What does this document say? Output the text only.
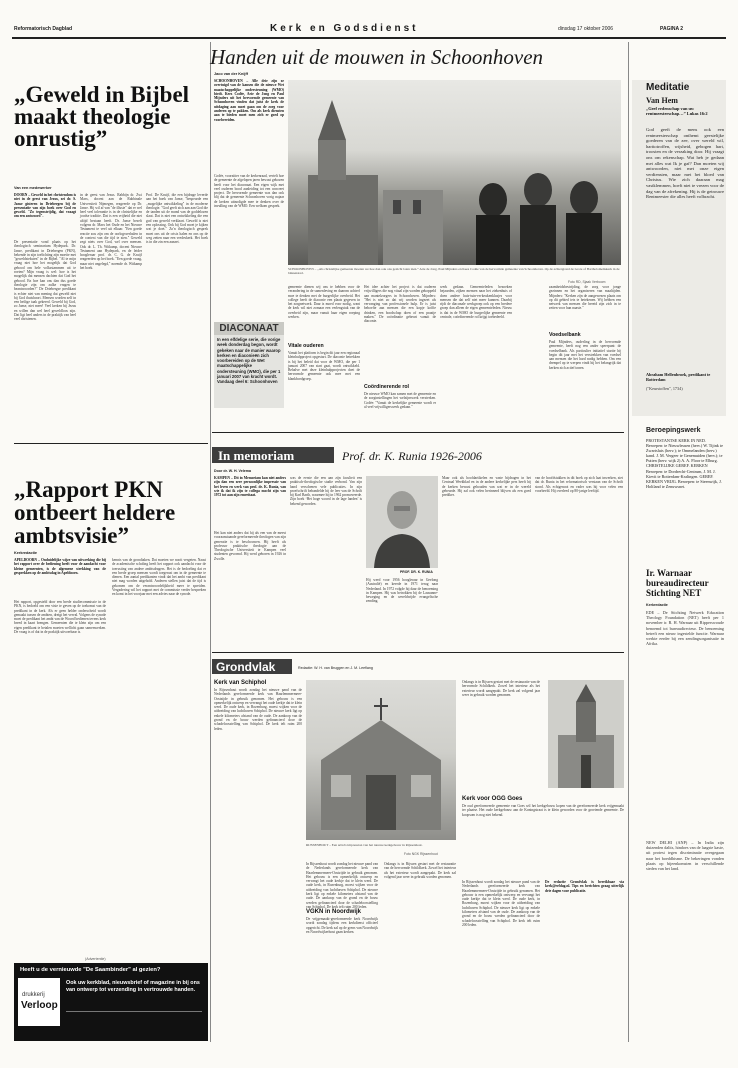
Reformatorisch Dagblad	Kerk en Godsdienst	dinsdag 17 oktober 2006	PAGINA 2
„Geweld in Bijbel maakt theologie onrustig”
Van een medewerker
DOORN – Geweld in het christendom is niet in de geest van Jezus, zei dr. S. Janse gisteren in Driebergen bij de presentatie van zijn boek over God en geweld. "Zo tegenstrijdig, dat vraagt om een antwoord".
De presentatie vond plaats op het theologisch seminarium Hydepark. Dr. Janse, predikant in Driebergen (PKN), bekende in zijn toelichting zijn moeite met "geweldsteksten" in de Bijbel. "Al te mijn vraag niet hoe het mogelijk dat God gebood om hele volksstammen uit te roeien? Mijn vraag is wel: hoe is het mogelijk dat mensen dachten dat God het gebood. En hoe kan ons dan dus goede theologie zijn om zulke vragen te beantwoorden?" De Driebergse predikant is echter niet van mening dat geweld niet bij God thuishoort. Mensen worden zelf in een heilige taak gekeerd. Geweld bij God, zo Janse, niet meer! Veel kerken bij Jezus en willen dan wel heel geweldloos zijn. Dat ligt heel anders in de praktijk van heel veel christenen.
in de geest van Jezus. Rabbijn dr. Zwi Marx, docent aan de Rabbinale Universiteit Nijmegen, reageerde op Dr. Janse. Hij wil af van "de illusie" dat er wel heel veel tolerantie is in de christelijke en joodse traditie. Dat is een vrijheid die niet altijd bestaan heeft. Dr. Janse beseft volgens dr. Marx het Oude en het Nieuwe Testament te veel uit elkaar. "Een goede reactie zou zijn om de oorlogsverhalen in de context van die tijd te zien." Geweld zegt niets over God, wel over mensen. Ook dr. L. Th. Witkamp, docent Nieuwe Testament aan Hydepark, en de leider hoogleraar prof. dr. C. G. de Kruijf reageerden op het boek. "Een goede vraag, maar niet ongelegd," noemde dr. Witkamp het boek.
Prof. De Kruijf, die een bijdrage leverde aan het boek van Janse, "bespeurde een ,,mogelijke ontwikkeling" in de moderne theologie. "God geeft zich aan aan God die de tanden uit de mond van de goddelozen slaat. Dat is niet een ontwikkeling die een god van geweld verklaart. Geweld is niet een oplossing. Ook bij God moet je kijken wat je doet." Zo'n theologisch gesprek moet ons uit de crisis halen en ons op de weg zetten naar een vredeskerk. Het boek is in die zin een aanzet.
„Rapport PKN ontbeert heldere ambtsvisie”
Kerkredactie
APELDOORN – Onduidelijke wijze van uitwerking die bij het rapport over de bediening heeft voor de aandacht voor kleine gemeenten, is de algemene strekking van de gesprekken op de ambtsdag in Apeldoorn.
Het rapport, opgesteld door een brede studiecommissie in de PKN, is bedoeld om een visie te geven op de toekomst van de predikant in de kerk. Als er geen helder onderscheid wordt gemaakt tussen de ambten, dreigt het verval. Volgens de synode moet de predikant het ambt van de Woord bedienen tevens kerk breed in kaart brengen. Gemeenten die te klein zijn om een eigen predikant te betalen moeten wellicht gaan samenwerken. De vraag is of dat in de praktijk uitvoerbaar is.
kennis van de grondtaken. Dat moeten we nooit vergeten. Naast de academische scholing heeft het rapport ook aandacht voor de toerusting van andere ambtsdragers. Het is de bedoeling dat er een brede groep mensen wordt toegerust om in de gemeente te dienen. Een aantal predikanten vindt dat het ambt van predikant niet mag worden uitgehold. Anderen stellen juist dat de tijd is gekomen om de verantwoordelijkheid meer te spreiden. Vergadering wil het rapport met de commissie verder bespreken en komt in het voorjaar met een advies naar de synode.
(Advertentie)
Heeft u de vernieuwde "De Saambinder" al gezien?
drukkerij
Verloop
Ook uw kerkblad, nieuwsbrief of magazine in bij ons van ontwerp tot verzending in vertrouwde handen.
Handen uit de mouwen in Schoonhoven
Jaco van der Knijff
SCHOONHOVEN – Alle drie zijn ze overtuigd van de kansen die de nieuwe Wet maatschappelijke ondersteuning (WMO) biedt. Kees Codée, Arie de Jong en Paul Mijnders uit het hervormde gemeente van Schoonhoven vinden dat juist de kerk de uitdaging aan moet gaan om de zorg voor anderen op te pakken. Om als kerk diensten aan te bieden moet men zich er goed op voorbereiden.
Codée, voorzitter van de kerkenraad, vertelt hoe de gemeente de afgelopen jaren bewust gekozen heeft voor het diaconaat. Een eigen wijk met veel ouderen bood aanleiding tot een concreet project. De hervormde gemeente was dan ook blij dat de gemeente Schoonhoven vorig najaar de kerken uitnodigde mee te denken over de invulling van de WMO. Een welkom gesprek.
SCHOONHOVEN – „Als christelijke gemeente moeten we hoe dan ook ons gezicht laten zien.” Arie de Jong, Paul Mijnders en Kees Codée van de hervormde gemeente van Schoonhoven. Op de achtergrond de Grote of Bartholomeüskerk in de binnenstad.
Foto RD, Sjaak Verboom
DIACONAAT
In een elfdelige serie, die vorige week donderdag begon, wordt gekeken naar de manier waarop kerken en diaconieën zich voorbereiden op de Wet maatschappelijke ondersteuning (WMO), die per 1 januari 2007 van kracht wordt. Vandaag deel 6: Schoonhoven
gemeente dienen wij ons te hebben voor de verandering in de samenleving en daarom achterf moe te denken met de burgerlijke overheid. Het college heeft de diaconie een plaats gegeven in het zorgnetwerk. Daar is moed voor nodig, want de kerk wil niet zomaar een verlengstuk van de overheid zijn, maar vanuit haar eigen roeping werken.
Vitale ouderen
Vanuit het platform is begin dit jaar een regionaal kleinhulpproject opgestart. De diaconie betrekken is bij het beleid dat voor de WMO, die per 1 januari 2007 van start gaat, wordt ontwikkeld. Behalve met deze kleinhulpprojecten doet de hervormde gemeente ook mee met een klankbordgroep.
Het idee achter het project is dat ouderen vrijwilligers die nog vitaal zijn worden gekoppeld aan mantelzorgers in Schoonhoven. Mijnders: "Het is niet zo dat wij worden ingezet als vervanging van professionele hulp. Er is juist behoefte aan mensen die een kopje koffie drinken, een boodschap doen of een praatje maken." De coördinatie gebeurt vanuit de diaconie.
Coördinerende rol
De nieuwe WMO kan samen met de gemeente en de zorginstellingen het welzijnswerk versterken. Codée: "Vanuit de kerkelijke gemeente wordt er al veel vrijwilligerswerk gedaan."
werk gedaan. Gemeenteleden bezoeken bejaarden, zijken mensen naar het ziekenhuis of doen andere huis-tuin-en-keukenklusjes voor mensen die dat zelf niet meer kunnen. Daarbij rijdt de diaconale werkgroep ook op een bredere groep dan alleen de eigen gemeenteleden. Nieuw is dat in de WMO de burgerlijke gemeente een centrale, coördinerende rol krijgt toebedeeld.
zaamheidsbestrijding, de zorg voor jonge gezinnen en het organiseren van maaltijden. Mijnders: "Kerken zijn de aangewezen plaats om op dit gebied iets te betekenen. Wij hebben een netwerk van mensen die bereid zijn zich in te zetten voor hun naaste."
Voedselbank
Paul Mijnders, ouderling in de hervormde gemeente, heeft nog een ander speerpunt: de voedselbank. Als particulier initiatief startte hij begin dit jaar met het verstrekken van voedsel aan mensen die het hard nodig hebben. Om een drempel op te werpen vindt hij het belangrijk dat kerken zich actief tonen.
In memoriam	Prof. dr. K. Runia 1926-2006
Door dr. W. H. Velema
KAMPEN – Dit in Memoriam kan niet anders zijn dan een zeer persoonlijke impressie van het leven en werk van prof. dr. K. Runia, van wie ik dat ik zijn te collega mocht zijn van 1972 tot aan zijn emeritaat.
Het kan niet anders dat hij als een van de meest vooraanstaande gereformeerde theologen van zijn generatie is te beschouwen. Hij heeft als professor praktische theologie aan de Theologische Universiteit te Kampen veel studenten gevormd. Hij werd geboren in 1926 in Zwolle.
was de eerste die een aan zijn faculteit een praktisch-theologische studie verbond. Van zijn hand verschenen vele publicaties. In zijn proefschrift behandelde hij de leer van de Schrift bij Karl Barth, waarmee hij in 1962 promoveerde. Zijn boek ‘Het hoge woord in de lage landen’ is bekend geworden.
PROF. DR. K. RUNIA
Hij werd voor 1956 hoogleraar in Geelong (Australië) en keerde in 1971 terug naar Nederland. In 1972 volgde hij daar de benoeming in Kampen. Hij was betrokken bij de Lausanne-beweging en de wereldwijde evangelische zending.
Maar ook als hoofdartikelen en vaste bijdragen in het Centraal Weekblad en in de andere kerkelijke pers heeft hij de kerken bewust gehouden van wat er in de wereld gebeurde. Hij zal ook velen herinnerd blijven als een goed prediker.
van de hoofdstukken in dit boek op zich laat inwerken, ziet dat dr. Runia in het reformatorisch verstaan van de Schrift stond. Als echtgenoot en vader was hij voor velen een voorbeeld. Hij overleed op 80-jarige leeftijd.
Grondvlak	Redactie: W. H. van Bruggen en J. M. Leeflang
Kerk van Schiphol
In Rijssenhout wordt zondag het nieuwe pand van de Nederlands gereformeerde kerk van Haarlemmermeer-Oostzijde in gebruik genomen. Het gebouw is een opmerkelijk ontwerp en vervangt het oude kerkje dat te klein werd. De oude kerk, in Rozenburg, moest wijken voor de uitbreiding van luchthaven Schiphol. De nieuwe kerk ligt op enkele kilometers afstand van de oude. De aankoop van de grond en de bouw werden gefinancierd door de schadeloosstelling van Schiphol. De kerk telt ruim 200 leden.
RIJSSENHOUT – Een artist's impression van het nieuwe kerkgebouw in Rijssenhout.
Foto NGK Rijssenhout
In Rijssenhout wordt zondag het nieuwe pand van de Nederlands gereformeerde kerk van Haarlemmermeer-Oostzijde in gebruik genomen. Het gebouw is een opmerkelijk ontwerp en vervangt het oude kerkje dat te klein werd. De oude kerk, in Rozenburg, moest wijken voor de uitbreiding van luchthaven Schiphol. De nieuwe kerk ligt op enkele kilometers afstand van de oude. De aankoop van de grond en de bouw werden gefinancierd door de schadeloosstelling van Schiphol. De kerk telt ruim 200 leden.
VGKN in Noordwijk
De vrijgemaakt-gereformeerde kerk Noordwijk wordt zondag tijdens een kerkdienst officieel opgericht. De kerk zal op de grens van Noordwijk en Noordwijkerhout gaan kerken.
Onlangs is in Rijssen gestart met de restauratie van de hervormde Schildkerk. Zowel het interieur als het exterieur wordt aangepakt. De kerk zal volgend jaar weer in gebruik worden genomen.
Onlangs is in Rijssen gestart met de restauratie van de hervormde Schildkerk. Zowel het interieur als het exterieur wordt aangepakt. De kerk zal volgend jaar weer in gebruik worden genomen.
Kerk voor OGG Goes
De oud gereformeerde gemeente van Goes wil het kerkgebouw kopen van de gereformeerde kerk vrijgemaakt ter plaatse. Het oude kerkgebouw aan de Koningstraat is te klein geworden voor de groeiende gemeente. De koopsom is nog niet bekend.
De redactie Grondvlak is bereikbaar via kerk@refdag.nl. Tips en berichten graag uiterlijk drie dagen voor publicatie.
In Rijssenhout wordt zondag het nieuwe pand van de Nederlands gereformeerde kerk van Haarlemmermeer-Oostzijde in gebruik genomen. Het gebouw is een opmerkelijk ontwerp en vervangt het oude kerkje dat te klein werd. De oude kerk, in Rozenburg, moest wijken voor de uitbreiding van luchthaven Schiphol. De nieuwe kerk ligt op enkele kilometers afstand van de oude. De aankoop van de grond en de bouw werden gefinancierd door de schadeloosstelling van Schiphol. De kerk telt ruim 200 leden.
Meditatie
Van Hem
„Geef redenschap van uw rentmeesterschap…” Lukas 16:2
God geeft de mens ook een rentmeesterschap onthemt geestelijke goederen van de zee, over wereld wil, harttotroffen, wijsheid, gebogen hart, troosten en de verzaking door. Hij vraagt ons om rekenschap. Wat heb je gedaan met alles wat Ik je gaf? Dan moeten wij antwoorden, niet met onze eigen verdiensten, maar met het bloed van Christus. Wie zich daaraan mag vastklemmen, hoeft niet te vrezen voor de dag van de afrekening. Hij is de getrouwe Rentmeester die alles heeft volbracht.
Abraham Hellenbroek, predikant te Rotterdam
("Keurstoffen", 1734)
Beroepingswerk
PROTESTANTSE KERK IN NED. Beroepen: te Nieuwleusen (herv.) W. Tijink te Zwartsluis (herv.); te Ommelanden (herv.) kand. J. M. Vergeer te Genemuiden (herv.); te Putten (herv. wijk 2) A. A. Floor te Elburg. CHRISTELIJKE GEREF. KERKEN Beroepen: te Dordrecht-Centrum, J. M. J. Kievit te Rotterdam-Kralingen. GEREF. KERKEN VRIJG. Beroepen: te Steenwijk, J. Holtland te Zenuwsnet.
Ir. Warnaar bureaudirecteur Stichting NET
Kerkredactie
EDE – De Stichting Netwerk Education Theology Foundation (NET) heeft per 1 november ir. R. H. Warnaar uit Ripperswoude benoemd tot bureaudirecteur. De benoeming betreft een nieuw ingestelde functie. Warnaar werkte eerder bij een zendingsorganisatie in Afrika.
NEW DELHI (ANP) – In India zijn duizenden dalits, hindoes van de laagste kaste, uit protest tegen discriminatie overgegaan naar het boeddhisme. De bekeringen vonden plaats op bijeenkomsten in verschillende steden van het land.
